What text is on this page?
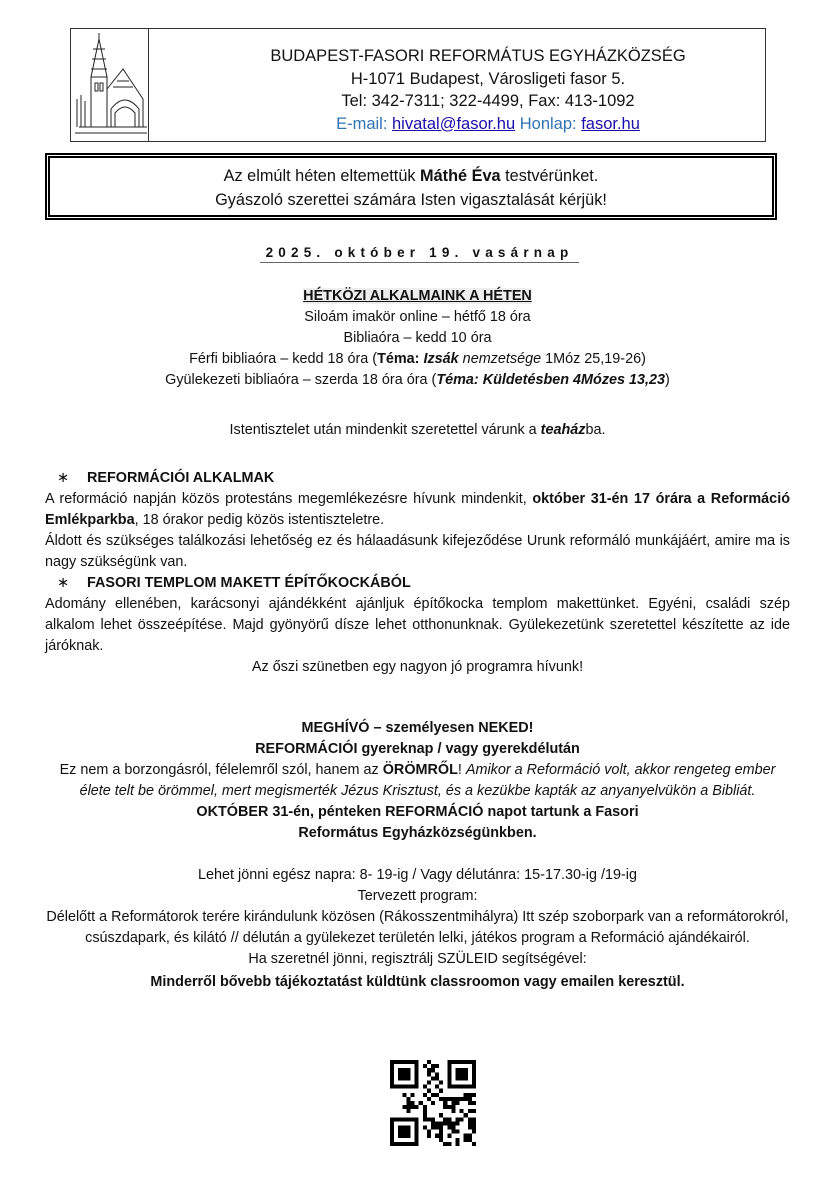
BUDAPEST-FASORI REFORMÁTUS EGYHÁZKÖZSÉG
H-1071 Budapest, Városligeti fasor 5.
Tel: 342-7311; 322-4499, Fax: 413-1092
E-mail: hivatal@fasor.hu Honlap: fasor.hu
Az elmúlt héten eltemettük Máthé Éva testvérünket.
Gyászoló szerettei számára Isten vigasztalását kérjük!
2025. október 19. vasárnap
HÉTKÖZI ALKALMAINK A HÉTEN
Siloám imakör online – hétfő 18 óra
Bibliaóra – kedd 10 óra
Férfi bibliaóra – kedd 18 óra (Téma: Izsák nemzetsége 1Móz 25,19-26)
Gyülekezeti bibliaóra – szerda 18 óra óra (Téma: Küldetésben 4Mózes 13,23)
Istentisztelet után mindenkit szeretettel várunk a teaházba.
∗	REFORMÁCIÓI ALKALMAK

A reformáció napján közös protestáns megemlékezésre hívunk mindenkit, október 31-én 17 órára a Reformáció Emlékparkba, 18 órakor pedig közös istentiszteletre.

Áldott és szükséges találkozási lehetőség ez és hálaadásunk kifejeződése Urunk reformáló munkájáért, amire ma is nagy szükségünk van.

∗	FASORI TEMPLOM MAKETT ÉPÍTŐKOCKÁBÓL

Adomány ellenében, karácsonyi ajándékként ajánljuk építőkocka templom makettünket. Egyéni, családi szép alkalom lehet összeépítése. Majd gyönyörű dísze lehet otthonunknak. Gyülekezetünk szeretettel készítette az ide járóknak.

Az őszi szünetben egy nagyon jó programra hívunk!
MEGHÍVÓ – személyesen NEKED!
REFORMÁCIÓI gyereknap / vagy gyerekdélután
Ez nem a borzongásról, félelemről szól, hanem az ÖRÖMRŐL! Amikor a Reformáció volt, akkor rengeteg ember élete telt be örömmel, mert megismerték Jézus Krisztust, és a kezükbe kapták az anyanyelvükön a Bibliát.
OKTÓBER 31-én, pénteken REFORMÁCIÓ napot tartunk a Fasori Református Egyházközségünkben.
Lehet jönni egész napra: 8- 19-ig / Vagy délutánra: 15-17.30-ig /19-ig
Tervezett program:
Délelőtt a Reformátorok terére kirándulunk közösen (Rákosszentmihályra) Itt szép szoborpark van a reformátorokról, csúszdapark, és kilátó // délután a gyülekezet területén lelki, játékos program a Reformáció ajándékairól.
Ha szeretnél jönni, regisztrálj SZÜLEID segítségével:
Minderről bővebb tájékoztatást küldtünk classroomon vagy emailen keresztül.
